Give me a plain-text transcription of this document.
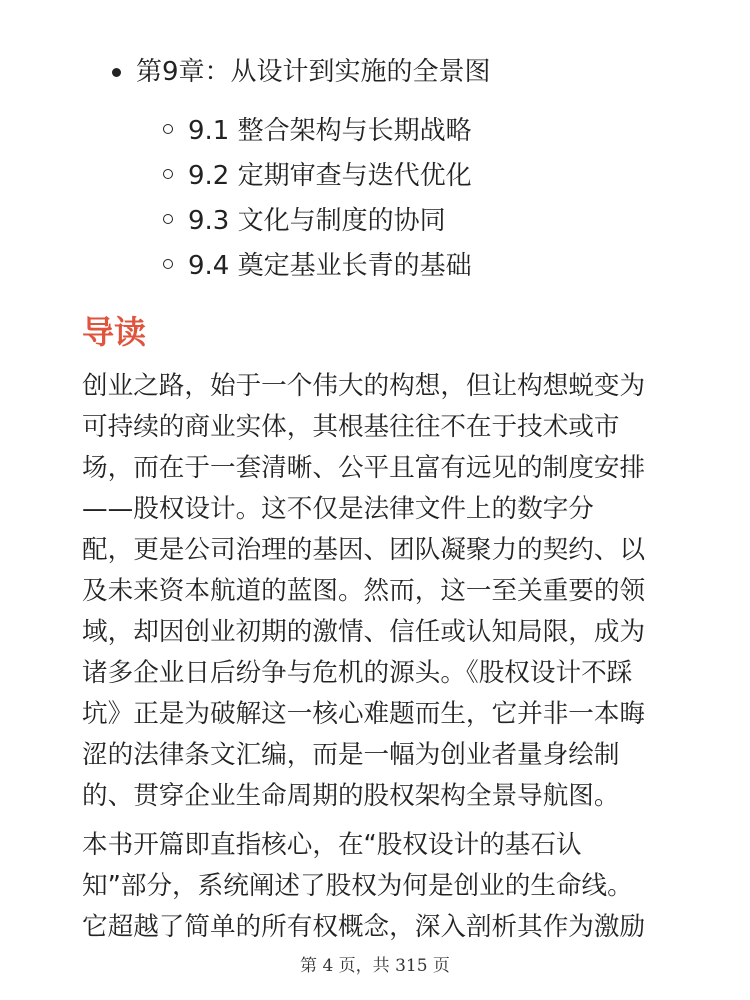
第9章：从设计到实施的全景图
9.1 整合架构与长期战略
9.2 定期审查与迭代优化
9.3 文化与制度的协同
9.4 奠定基业长青的基础
导读

创业之路，始于一个伟大的构想，但让构想蜕变为
可持续的商业实体，其根基往往不在于技术或市
场，而在于一套清晰、公平且富有远见的制度安排
——股权设计。这不仅是法律文件上的数字分
配，更是公司治理的基因、团队凝聚力的契约、以
及未来资本航道的蓝图。然而，这一至关重要的领
域，却因创业初期的激情、信任或认知局限，成为
诸多企业日后纷争与危机的源头。《股权设计不踩
坑》正是为破解这一核心难题而生，它并非一本晦
涩的法律条文汇编，而是一幅为创业者量身绘制
的、贯穿企业生命周期的股权架构全景导航图。

本书开篇即直指核心，在“股权设计的基石认
知”部分，系统阐述了股权为何是创业的生命线。
它超越了简单的所有权概念，深入剖析其作为激励

第 4 页，共 315 页
